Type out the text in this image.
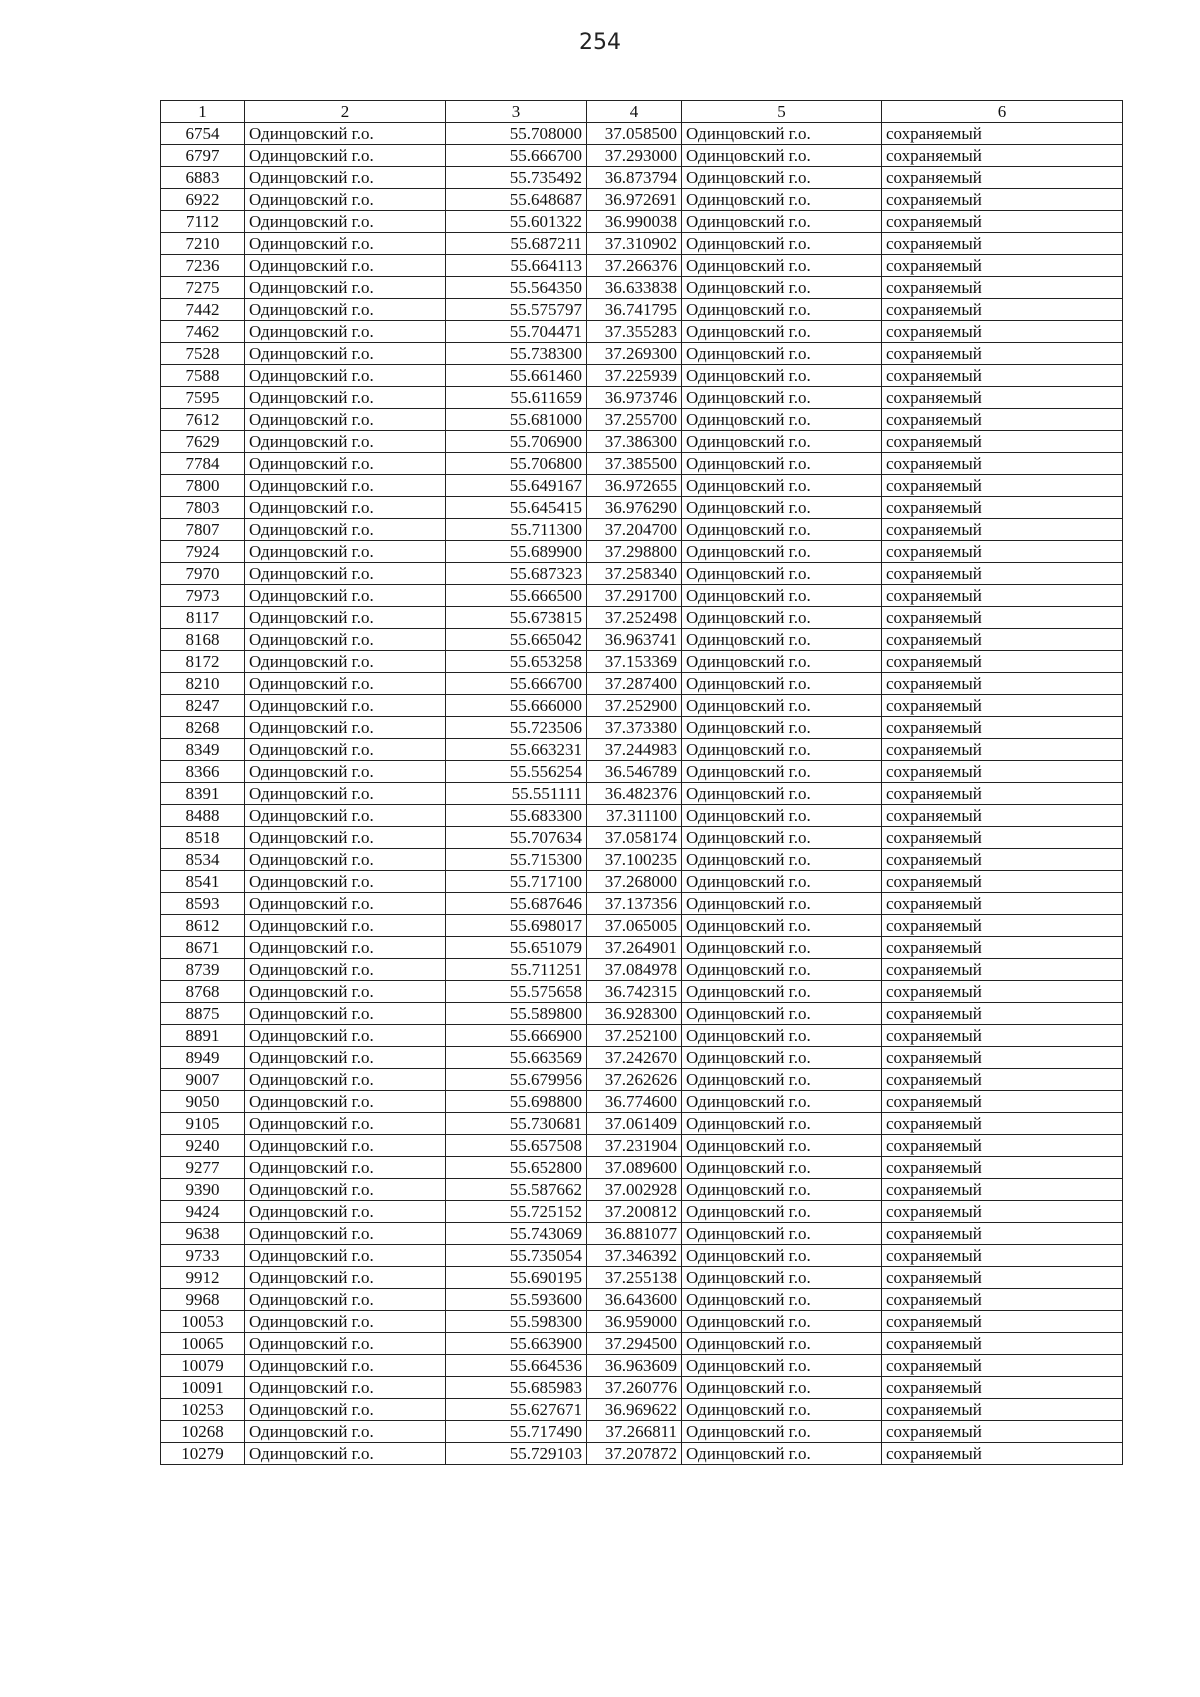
254
1	2	3	4	5	6
6754	Одинцовский г.о.	55.708000	37.058500	Одинцовский г.о.	сохраняемый
6797	Одинцовский г.о.	55.666700	37.293000	Одинцовский г.о.	сохраняемый
6883	Одинцовский г.о.	55.735492	36.873794	Одинцовский г.о.	сохраняемый
6922	Одинцовский г.о.	55.648687	36.972691	Одинцовский г.о.	сохраняемый
7112	Одинцовский г.о.	55.601322	36.990038	Одинцовский г.о.	сохраняемый
7210	Одинцовский г.о.	55.687211	37.310902	Одинцовский г.о.	сохраняемый
7236	Одинцовский г.о.	55.664113	37.266376	Одинцовский г.о.	сохраняемый
7275	Одинцовский г.о.	55.564350	36.633838	Одинцовский г.о.	сохраняемый
7442	Одинцовский г.о.	55.575797	36.741795	Одинцовский г.о.	сохраняемый
7462	Одинцовский г.о.	55.704471	37.355283	Одинцовский г.о.	сохраняемый
7528	Одинцовский г.о.	55.738300	37.269300	Одинцовский г.о.	сохраняемый
7588	Одинцовский г.о.	55.661460	37.225939	Одинцовский г.о.	сохраняемый
7595	Одинцовский г.о.	55.611659	36.973746	Одинцовский г.о.	сохраняемый
7612	Одинцовский г.о.	55.681000	37.255700	Одинцовский г.о.	сохраняемый
7629	Одинцовский г.о.	55.706900	37.386300	Одинцовский г.о.	сохраняемый
7784	Одинцовский г.о.	55.706800	37.385500	Одинцовский г.о.	сохраняемый
7800	Одинцовский г.о.	55.649167	36.972655	Одинцовский г.о.	сохраняемый
7803	Одинцовский г.о.	55.645415	36.976290	Одинцовский г.о.	сохраняемый
7807	Одинцовский г.о.	55.711300	37.204700	Одинцовский г.о.	сохраняемый
7924	Одинцовский г.о.	55.689900	37.298800	Одинцовский г.о.	сохраняемый
7970	Одинцовский г.о.	55.687323	37.258340	Одинцовский г.о.	сохраняемый
7973	Одинцовский г.о.	55.666500	37.291700	Одинцовский г.о.	сохраняемый
8117	Одинцовский г.о.	55.673815	37.252498	Одинцовский г.о.	сохраняемый
8168	Одинцовский г.о.	55.665042	36.963741	Одинцовский г.о.	сохраняемый
8172	Одинцовский г.о.	55.653258	37.153369	Одинцовский г.о.	сохраняемый
8210	Одинцовский г.о.	55.666700	37.287400	Одинцовский г.о.	сохраняемый
8247	Одинцовский г.о.	55.666000	37.252900	Одинцовский г.о.	сохраняемый
8268	Одинцовский г.о.	55.723506	37.373380	Одинцовский г.о.	сохраняемый
8349	Одинцовский г.о.	55.663231	37.244983	Одинцовский г.о.	сохраняемый
8366	Одинцовский г.о.	55.556254	36.546789	Одинцовский г.о.	сохраняемый
8391	Одинцовский г.о.	55.551111	36.482376	Одинцовский г.о.	сохраняемый
8488	Одинцовский г.о.	55.683300	37.311100	Одинцовский г.о.	сохраняемый
8518	Одинцовский г.о.	55.707634	37.058174	Одинцовский г.о.	сохраняемый
8534	Одинцовский г.о.	55.715300	37.100235	Одинцовский г.о.	сохраняемый
8541	Одинцовский г.о.	55.717100	37.268000	Одинцовский г.о.	сохраняемый
8593	Одинцовский г.о.	55.687646	37.137356	Одинцовский г.о.	сохраняемый
8612	Одинцовский г.о.	55.698017	37.065005	Одинцовский г.о.	сохраняемый
8671	Одинцовский г.о.	55.651079	37.264901	Одинцовский г.о.	сохраняемый
8739	Одинцовский г.о.	55.711251	37.084978	Одинцовский г.о.	сохраняемый
8768	Одинцовский г.о.	55.575658	36.742315	Одинцовский г.о.	сохраняемый
8875	Одинцовский г.о.	55.589800	36.928300	Одинцовский г.о.	сохраняемый
8891	Одинцовский г.о.	55.666900	37.252100	Одинцовский г.о.	сохраняемый
8949	Одинцовский г.о.	55.663569	37.242670	Одинцовский г.о.	сохраняемый
9007	Одинцовский г.о.	55.679956	37.262626	Одинцовский г.о.	сохраняемый
9050	Одинцовский г.о.	55.698800	36.774600	Одинцовский г.о.	сохраняемый
9105	Одинцовский г.о.	55.730681	37.061409	Одинцовский г.о.	сохраняемый
9240	Одинцовский г.о.	55.657508	37.231904	Одинцовский г.о.	сохраняемый
9277	Одинцовский г.о.	55.652800	37.089600	Одинцовский г.о.	сохраняемый
9390	Одинцовский г.о.	55.587662	37.002928	Одинцовский г.о.	сохраняемый
9424	Одинцовский г.о.	55.725152	37.200812	Одинцовский г.о.	сохраняемый
9638	Одинцовский г.о.	55.743069	36.881077	Одинцовский г.о.	сохраняемый
9733	Одинцовский г.о.	55.735054	37.346392	Одинцовский г.о.	сохраняемый
9912	Одинцовский г.о.	55.690195	37.255138	Одинцовский г.о.	сохраняемый
9968	Одинцовский г.о.	55.593600	36.643600	Одинцовский г.о.	сохраняемый
10053	Одинцовский г.о.	55.598300	36.959000	Одинцовский г.о.	сохраняемый
10065	Одинцовский г.о.	55.663900	37.294500	Одинцовский г.о.	сохраняемый
10079	Одинцовский г.о.	55.664536	36.963609	Одинцовский г.о.	сохраняемый
10091	Одинцовский г.о.	55.685983	37.260776	Одинцовский г.о.	сохраняемый
10253	Одинцовский г.о.	55.627671	36.969622	Одинцовский г.о.	сохраняемый
10268	Одинцовский г.о.	55.717490	37.266811	Одинцовский г.о.	сохраняемый
10279	Одинцовский г.о.	55.729103	37.207872	Одинцовский г.о.	сохраняемый
